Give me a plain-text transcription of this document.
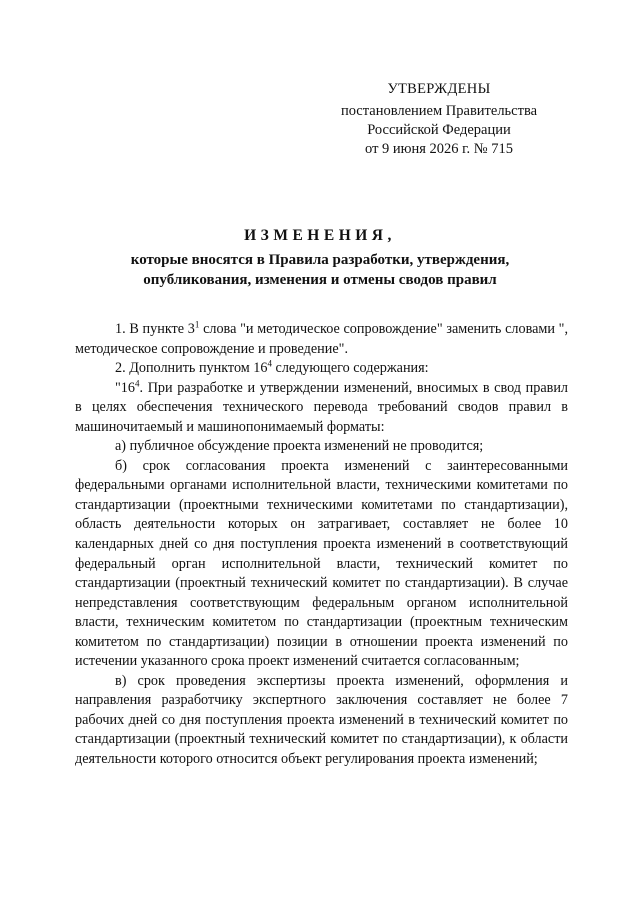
УТВЕРЖДЕНЫ
постановлением Правительства
Российской Федерации
от 9 июня 2026 г. № 715
ИЗМЕНЕНИЯ,
которые вносятся в Правила разработки, утверждения,
опубликования, изменения и отмены сводов правил

1. В пункте $3^1$ слова "и методическое сопровождение" заменить словами ", методическое сопровождение и проведение".

2. Дополнить пунктом $16^4$ следующего содержания:

"$16^4$. При разработке и утверждении изменений, вносимых в свод правил в целях обеспечения технического перевода требований сводов правил в машиночитаемый и машинопонимаемый форматы:

а) публичное обсуждение проекта изменений не проводится;

б) срок согласования проекта изменений с заинтересованными федеральными органами исполнительной власти, техническими комитетами по стандартизации (проектными техническими комитетами по стандартизации), область деятельности которых он затрагивает, составляет не более 10 календарных дней со дня поступления проекта изменений в соответствующий федеральный орган исполнительной власти, технический комитет по стандартизации (проектный технический комитет по стандартизации). В случае непредставления соответствующим федеральным органом исполнительной власти, техническим комитетом по стандартизации (проектным техническим комитетом по стандартизации) позиции в отношении проекта изменений по истечении указанного срока проект изменений считается согласованным;

в) срок проведения экспертизы проекта изменений, оформления и направления разработчику экспертного заключения составляет не более 7 рабочих дней со дня поступления проекта изменений в технический комитет по стандартизации (проектный технический комитет по стандартизации), к области деятельности которого относится объект регулирования проекта изменений;
